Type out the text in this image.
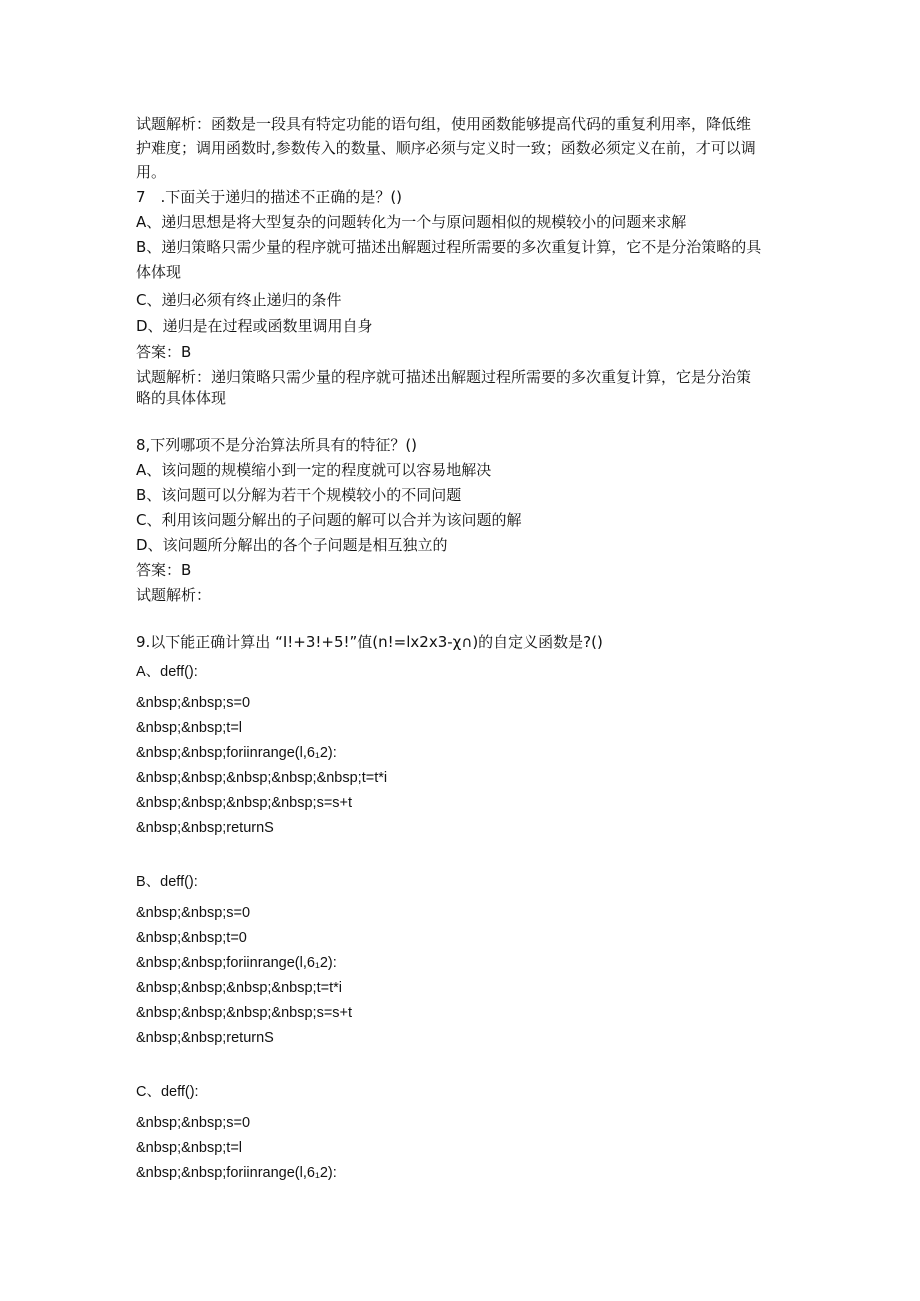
试题解析：函数是一段具有特定功能的语句组，使用函数能够提高代码的重复利用率，降低维
护难度；调用函数时,参数传入的数量、顺序必须与定义时一致；函数必须定义在前，才可以调
用。
7　.下面关于递归的描述不正确的是？()
A、递归思想是将大型复杂的问题转化为一个与原问题相似的规模较小的问题来求解
B、递归策略只需少量的程序就可描述出解题过程所需要的多次重复计算，它不是分治策略的具
体体现
C、递归必须有终止递归的条件
D、递归是在过程或函数里调用自身
答案：B
试题解析：递归策略只需少量的程序就可描述出解题过程所需要的多次重复计算，它是分治策
略的具体体现
8,下列哪项不是分治算法所具有的特征？()
A、该问题的规模缩小到一定的程度就可以容易地解决
B、该问题可以分解为若干个规模较小的不同问题
C、利用该问题分解出的子问题的解可以合并为该问题的解
D、该问题所分解出的各个子问题是相互独立的
答案：B
试题解析：
9.以下能正确计算出 “I!+3!+5!”值(n!=lx2x3-χ∩)的自定义函数是?()
A、deff():
&nbsp;&nbsp;s=0
&nbsp;&nbsp;t=l
&nbsp;&nbsp;foriinrange(l,6₁2):
&nbsp;&nbsp;&nbsp;&nbsp;&nbsp;t=t*i
&nbsp;&nbsp;&nbsp;&nbsp;s=s+t
&nbsp;&nbsp;returnS
B、deff():
&nbsp;&nbsp;s=0
&nbsp;&nbsp;t=0
&nbsp;&nbsp;foriinrange(l,6₁2):
&nbsp;&nbsp;&nbsp;&nbsp;t=t*i
&nbsp;&nbsp;&nbsp;&nbsp;s=s+t
&nbsp;&nbsp;returnS
C、deff():
&nbsp;&nbsp;s=0
&nbsp;&nbsp;t=l
&nbsp;&nbsp;foriinrange(l,6₁2):
